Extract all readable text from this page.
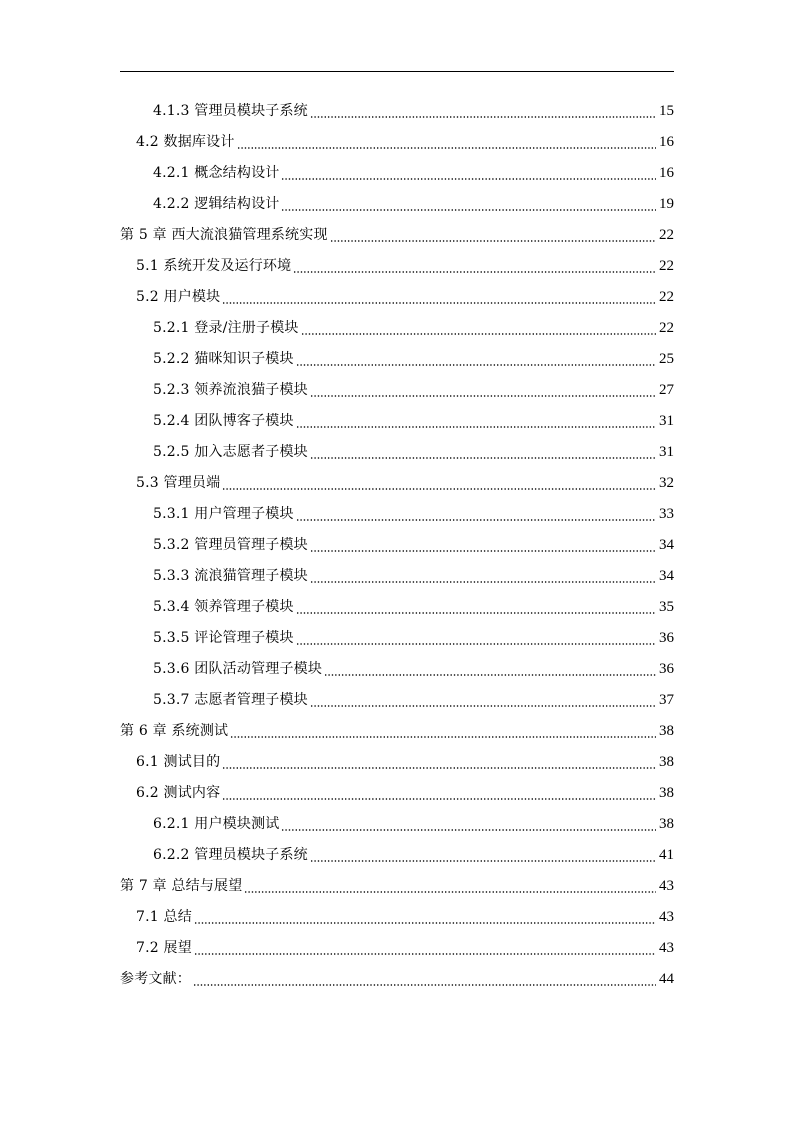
4.1.3 管理员模块子系统	15
4.2 数据库设计	16
4.2.1 概念结构设计	16
4.2.2 逻辑结构设计	19
第 5 章 西大流浪猫管理系统实现	22
5.1 系统开发及运行环境	22
5.2 用户模块	22
5.2.1 登录/注册子模块	22
5.2.2 猫咪知识子模块	25
5.2.3 领养流浪猫子模块	27
5.2.4 团队博客子模块	31
5.2.5 加入志愿者子模块	31
5.3 管理员端	32
5.3.1 用户管理子模块	33
5.3.2 管理员管理子模块	34
5.3.3 流浪猫管理子模块	34
5.3.4 领养管理子模块	35
5.3.5 评论管理子模块	36
5.3.6 团队活动管理子模块	36
5.3.7 志愿者管理子模块	37
第 6 章 系统测试	38
6.1 测试目的	38
6.2 测试内容	38
6.2.1 用户模块测试	38
6.2.2 管理员模块子系统	41
第 7 章 总结与展望	43
7.1 总结	43
7.2 展望	43
参考文献：	44
